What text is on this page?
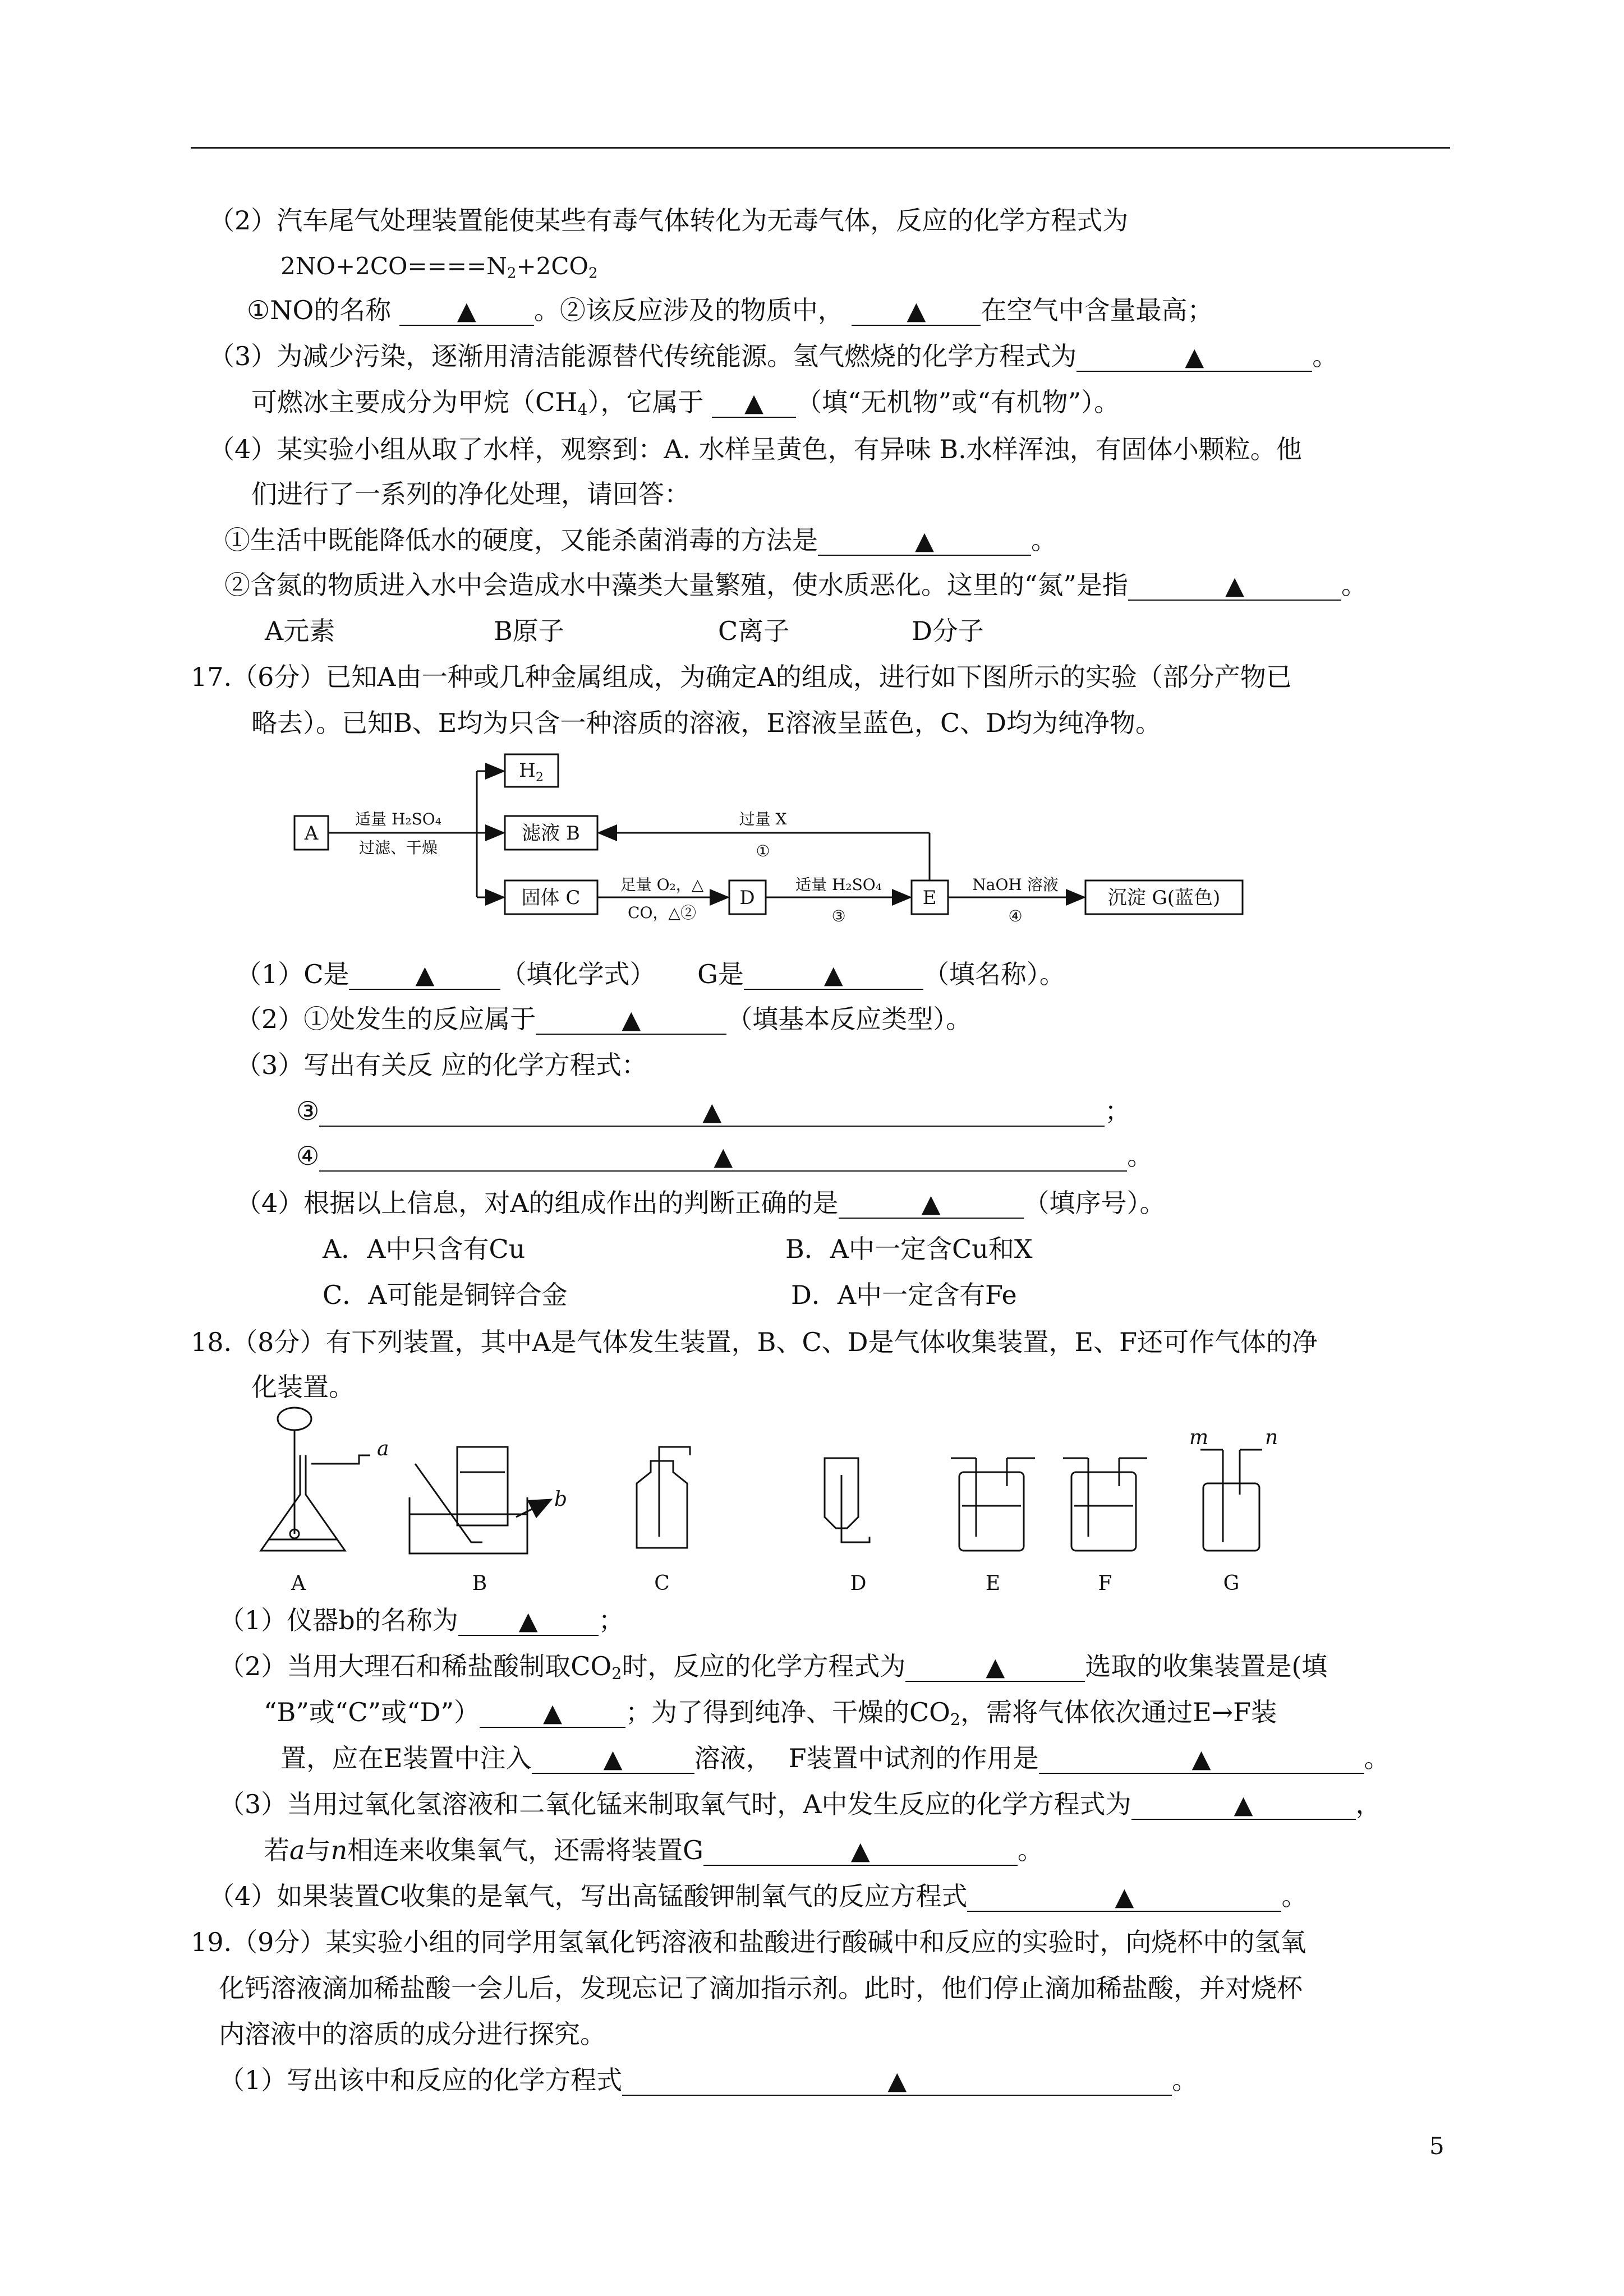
（2）汽车尾气处理装置能使某些有毒气体转化为无毒气体，反应的化学方程式为
$2NO+2CO====N_2+2CO_2$
①NO的名称	▲ 。②该反应涉及的物质中，	▲ 在空气中含量最高；
（3）为减少污染，逐渐用清洁能源替代传统能源。氢气燃烧的化学方程式为	▲	。
可燃冰主要成分为甲烷$(CH_4)$，它属于 ▲ （填“无机物”或“有机物”）。
（4）某实验小组从取了水样，观察到：A. 水样呈黄色，有异味 B.水样浑浊，有固体小颗粒。他
们进行了一系列的净化处理，请回答：
①生活中既能降低水的硬度，又能杀菌消毒的方法是	▲	。
②含氮的物质进入水中会造成水中藻类大量繁殖，使水质恶化。这里的“氮”是指	▲	。
A元素	B原子	C离子	D分子
17.（6分）已知A由一种或几种金属组成，为确定A的组成，进行如下图所示的实验（部分产物已
略去）。已知B、E均为只含一种溶质的溶液，E溶液呈蓝色，C、D均为纯净物。
A
$H_2$
滤液 B
固体 C	D	E	沉淀 G(蓝色)
适量 H₂SO₄
过滤、干燥
过量 X
①
足量 O₂，△
CO，△②
适量 H₂SO₄
③
NaOH 溶液
④
（1）C是	▲	（填化学式） G是	▲	（填名称）。
（2）①处发生的反应属于	▲	（填基本反应类型）。
（3）写出有关反 应的化学方程式：
③	▲	；
④	▲	。
（4）根据以上信息，对A的组成作出的判断正确的是	▲	（填序号）。
A．A中只含有Cu	B．A中一定含Cu和X
C．A可能是铜锌合金	D．A中一定含有Fe
18.（8分）有下列装置，其中A是气体发生装置，B、C、D是气体收集装置，E、F还可作气体的净
化装置。
a
b
m	n
A	B	C	D	E	F	G
（1）仪器b的名称为 ▲ ；
（2）当用大理石和稀盐酸制取$CO_2$时，反应的化学方程式为	▲	选取的收集装置是(填
“B”或“C”或“D”）	▲ ；为了得到纯净、干燥的$CO_2$，需将气体依次通过E→F装
置，应在E装置中注入	▲	溶液， F装置中试剂的作用是	▲	。
（3）当用过氧化氢溶液和二氧化锰来制取氧气时，A中发生反应的化学方程式为	▲	，
若a与n相连来收集氧气，还需将装置G	▲	。
（4）如果装置C收集的是氧气，写出高锰酸钾制氧气的反应方程式	▲	。
19.（9分）某实验小组的同学用氢氧化钙溶液和盐酸进行酸碱中和反应的实验时，向烧杯中的氢氧
化钙溶液滴加稀盐酸一会儿后，发现忘记了滴加指示剂。此时，他们停止滴加稀盐酸，并对烧杯
内溶液中的溶质的成分进行探究。
（1）写出该中和反应的化学方程式	▲	。
5
